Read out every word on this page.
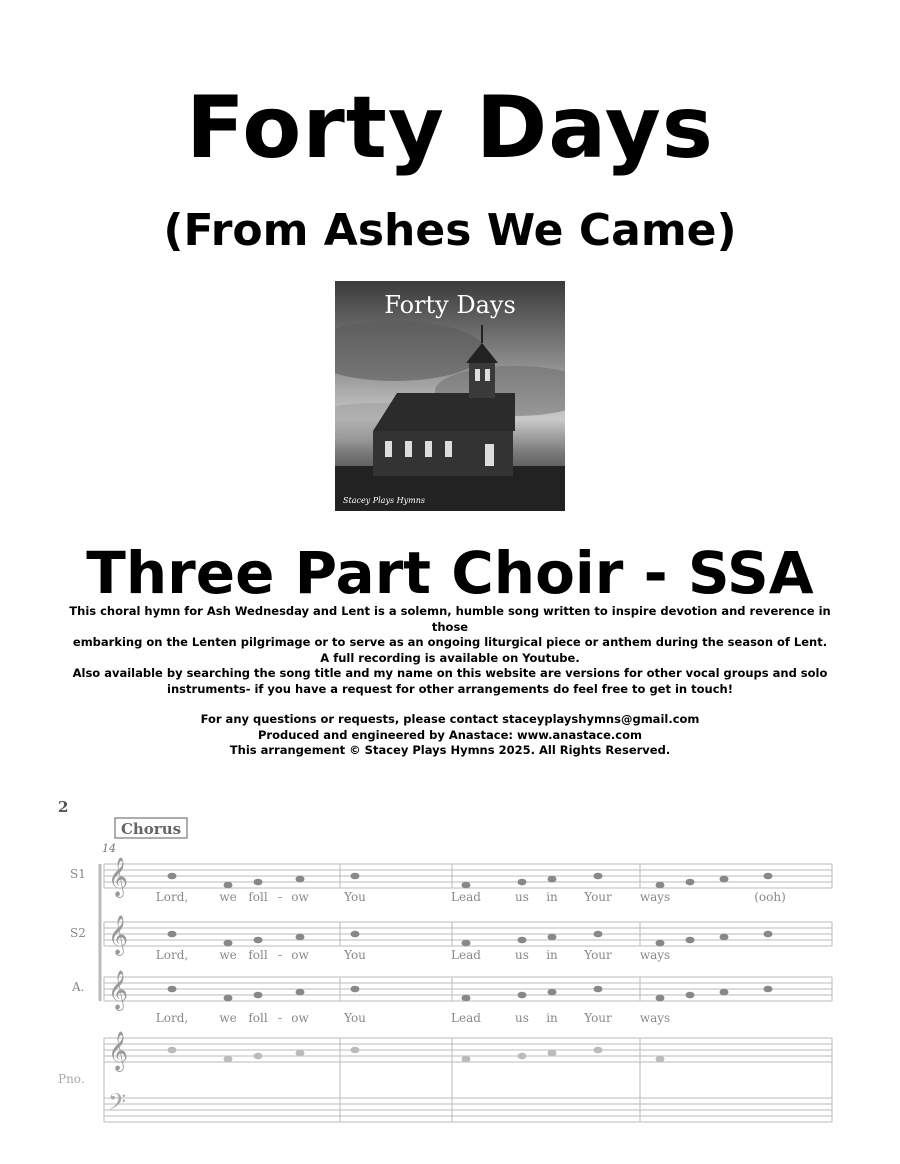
Forty Days
(From Ashes We Came)
Forty Days
Stacey Plays Hymns
Three Part Choir - SSA

This choral hymn for Ash Wednesday and Lent is a solemn, humble song written to inspire devotion and reverence in those

embarking on the Lenten pilgrimage or to serve as an ongoing liturgical piece or anthem during the season of Lent.

A full recording is available on Youtube.

Also available by searching the song title and my name on this website are versions for other vocal groups and solo

instruments- if you have a request for other arrangements do feel free to get in touch!

For any questions or requests, please contact staceyplayshymns@gmail.com

Produced and engineered by Anastace: www.anastace.com

This arrangement © Stacey Plays Hymns 2025. All Rights Reserved.

2
Chorus
14
𝄞
𝄞
𝄞
𝄞
𝄢
S1
S2
A.
Pno.
Lord,	we foll - ow	You	Lead	us in Your ways	(ooh)
Lord,	we foll - ow	You	Lead	us in Your ways
Lord,	we foll - ow	You	Lead	us in Your ways
